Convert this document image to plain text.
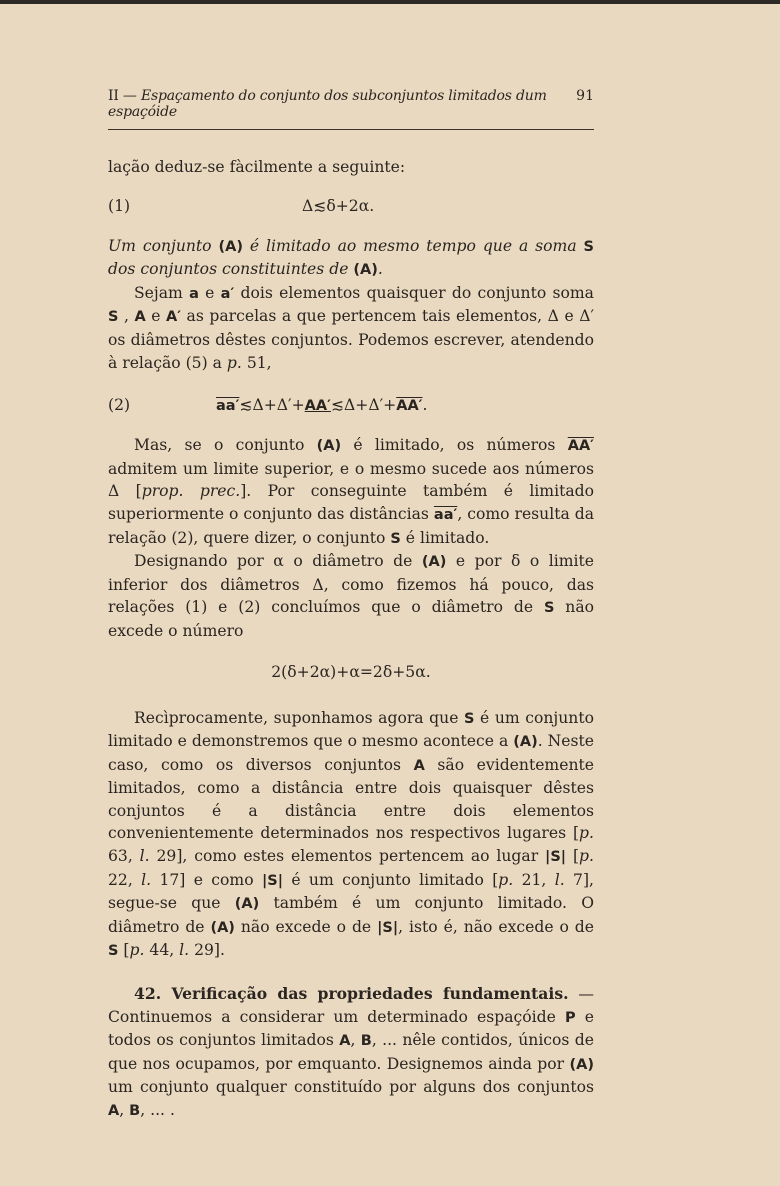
II — Espaçamento do conjunto dos subconjuntos limitados dum espaçóide
91

lação deduz-se fàcilmente a seguinte:

(1)	Δ≲δ+2α.

Um conjunto (A) é limitado ao mesmo tempo que a soma S dos conjuntos constituintes de (A).

Sejam a e a′ dois elementos quaisquer do conjunto soma S , A e A′ as parcelas a que pertencem tais elementos, Δ e Δ′ os diâmetros dêstes conjuntos. Podemos escrever, atendendo à relação (5) a p. 51,

(2)	aa′≲Δ+Δ′+AA′≲Δ+Δ′+AA′.

Mas, se o conjunto (A) é limitado, os números AA′ admitem um limite superior, e o mesmo sucede aos números Δ [prop. prec.]. Por conseguinte também é limitado superiormente o conjunto das distâncias aa′, como resulta da relação (2), quere dizer, o conjunto S é limitado.

Designando por α o diâmetro de (A) e por δ o limite inferior dos diâmetros Δ, como fizemos há pouco, das relações (1) e (2) concluímos que o diâmetro de S não excede o número

2(δ+2α)+α=2δ+5α.

Recìprocamente, suponhamos agora que S é um conjunto limitado e demonstremos que o mesmo acontece a (A). Neste caso, como os diversos conjuntos A são evidentemente limitados, como a distância entre dois quaisquer dêstes conjuntos é a distância entre dois elementos convenientemente determinados nos respectivos lugares [p. 63, l. 29], como estes elementos pertencem ao lugar |S| [p. 22, l. 17] e como |S| é um conjunto limitado [p. 21, l. 7], segue-se que (A) também é um conjunto limitado. O diâmetro de (A) não excede o de |S|, isto é, não excede o de S [p. 44, l. 29].

42. Verificação das propriedades fundamentais. — Continuemos a considerar um determinado espaçóide P e todos os conjuntos limitados A, B, ... nêle contidos, únicos de que nos ocupamos, por emquanto. Designemos ainda por (A) um conjunto qualquer constituído por alguns dos conjuntos A, B, ... .
